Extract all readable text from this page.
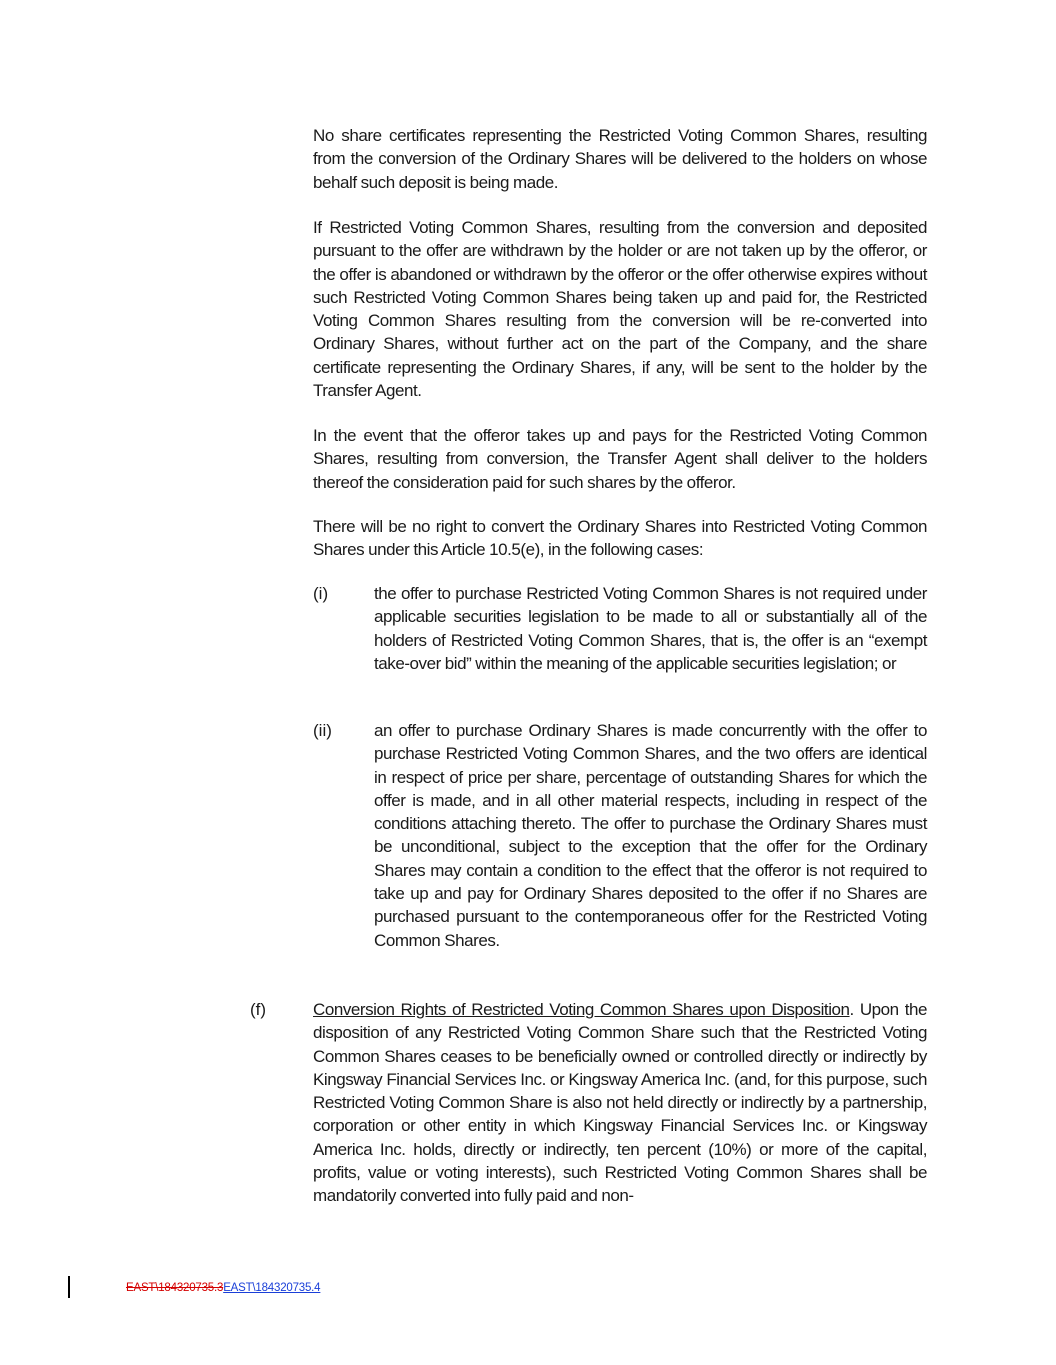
No share certificates representing the Restricted Voting Common Shares, resulting from the conversion of the Ordinary Shares will be delivered to the holders on whose behalf such deposit is being made.

If Restricted Voting Common Shares, resulting from the conversion and deposited pursuant to the offer are withdrawn by the holder or are not taken up by the offeror, or the offer is abandoned or withdrawn by the offeror or the offer otherwise expires without such Restricted Voting Common Shares being taken up and paid for, the Restricted Voting Common Shares resulting from the conversion will be re-converted into Ordinary Shares, without further act on the part of the Company, and the share certificate representing the Ordinary Shares, if any, will be sent to the holder by the Transfer Agent.

In the event that the offeror takes up and pays for the Restricted Voting Common Shares, resulting from conversion, the Transfer Agent shall deliver to the holders thereof the consideration paid for such shares by the offeror.

There will be no right to convert the Ordinary Shares into Restricted Voting Common Shares under this Article 10.5(e), in the following cases:

(i)	the offer to purchase Restricted Voting Common Shares is not required under applicable securities legislation to be made to all or substantially all of the holders of Restricted Voting Common Shares, that is, the offer is an “exempt take-over bid” within the meaning of the applicable securities legislation; or

(ii) an offer to purchase Ordinary Shares is made concurrently with the offer to purchase Restricted Voting Common Shares, and the two offers are identical in respect of price per share, percentage of outstanding Shares for which the offer is made, and in all other material respects, including in respect of the conditions attaching thereto. The offer to purchase the Ordinary Shares must be unconditional, subject to the exception that the offer for the Ordinary Shares may contain a condition to the effect that the offeror is not required to take up and pay for Ordinary Shares deposited to the offer if no Shares are purchased pursuant to the contemporaneous offer for the Restricted Voting Common Shares.

(f)	Conversion Rights of Restricted Voting Common Shares upon Disposition. Upon the disposition of any Restricted Voting Common Share such that the Restricted Voting Common Shares ceases to be beneficially owned or controlled directly or indirectly by Kingsway Financial Services Inc. or Kingsway America Inc. (and, for this purpose, such Restricted Voting Common Share is also not held directly or indirectly by a partnership, corporation or other entity in which Kingsway Financial Services Inc. or Kingsway America Inc. holds, directly or indirectly, ten percent (10%) or more of the capital, profits, value or voting interests), such Restricted Voting Common Shares shall be mandatorily converted into fully paid and non-

EAST\184320735.3EAST\184320735.4
